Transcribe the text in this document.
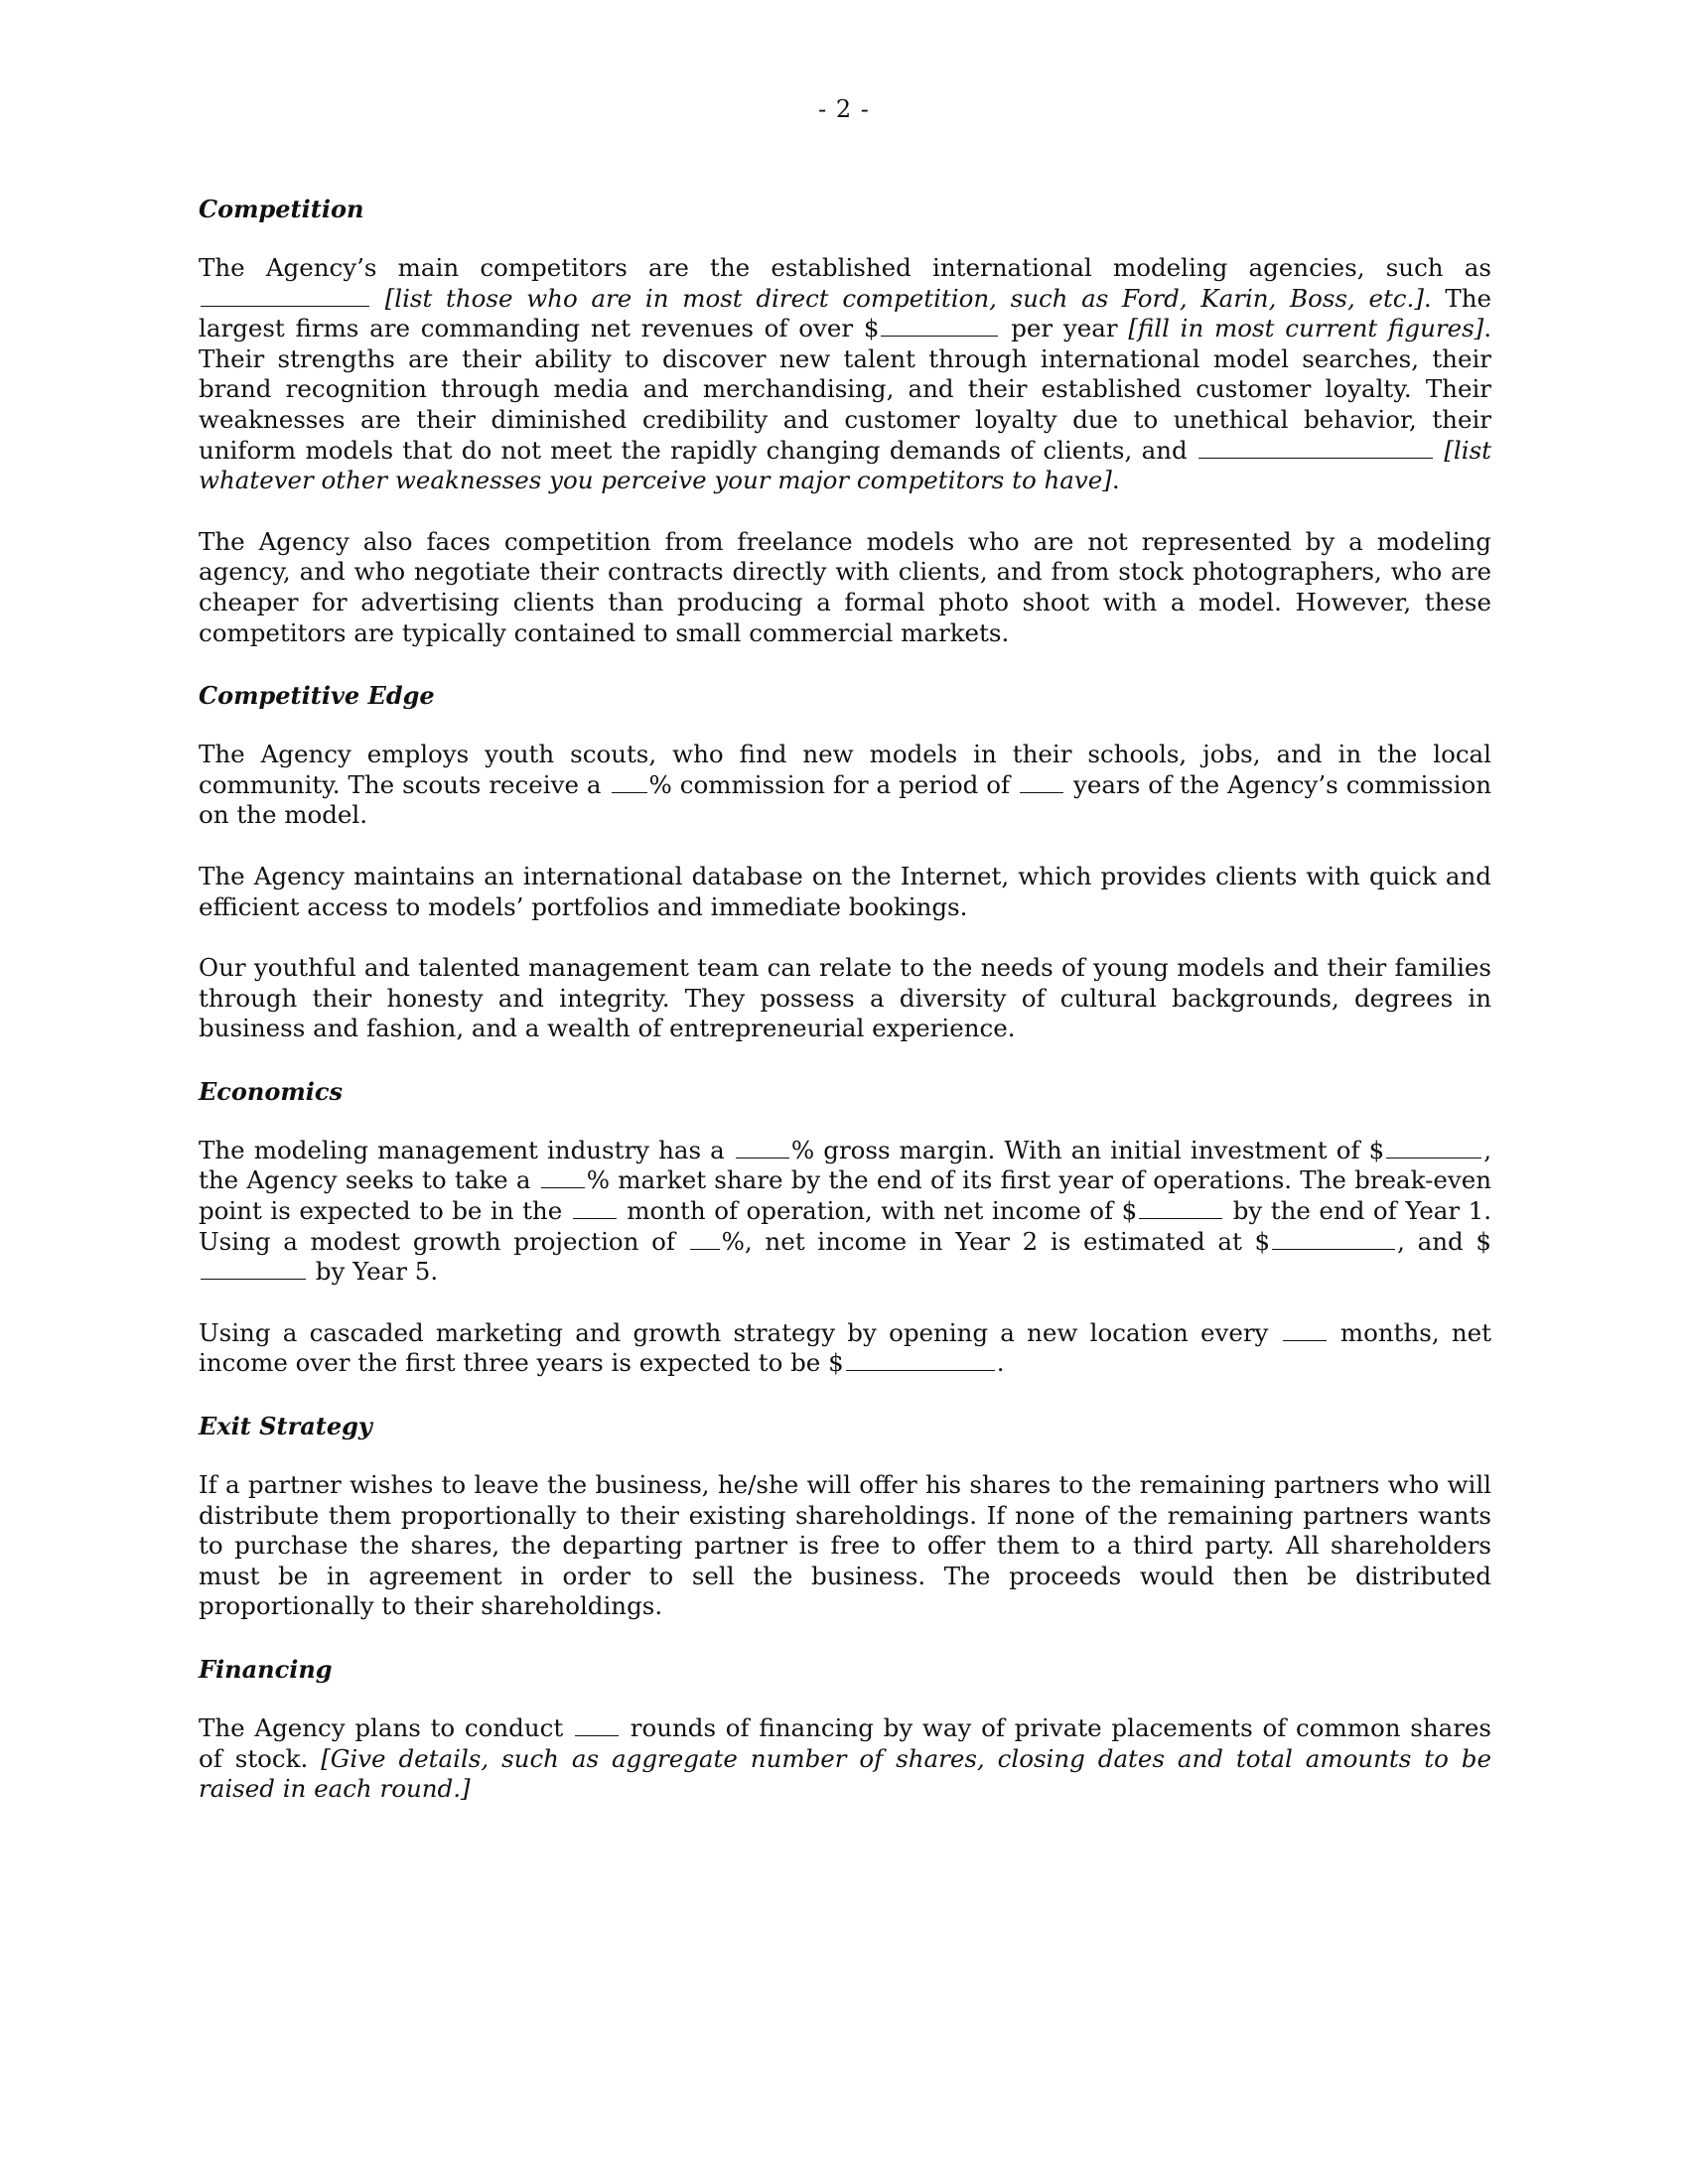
- 2 -
Competition

The Agency’s main competitors are the established international modeling agencies, such as  [list those who are in most direct competition, such as Ford, Karin, Boss, etc.]. The largest firms are commanding net revenues of over $	per year [fill in most current figures]. Their strengths are their ability to discover new talent through international model searches, their brand recognition through media and merchandising, and their established customer loyalty. Their weaknesses are their diminished credibility and customer loyalty due to unethical behavior, their uniform models that do not meet the rapidly changing demands of clients, and	[list whatever other weaknesses you perceive your major competitors to have].

The Agency also faces competition from freelance models who are not represented by a modeling agency, and who negotiate their contracts directly with clients, and from stock photographers, who are cheaper for advertising clients than producing a formal photo shoot with a model. However, these competitors are typically contained to small commercial markets.

Competitive Edge

The Agency employs youth scouts, who find new models in their schools, jobs, and in the local community. The scouts receive a % commission for a period of	years of the Agency’s commission on the model.

The Agency maintains an international database on the Internet, which provides clients with quick and efficient access to models’ portfolios and immediate bookings.

Our youthful and talented management team can relate to the needs of young models and their families through their honesty and integrity. They possess a diversity of cultural backgrounds, degrees in business and fashion, and a wealth of entrepreneurial experience.

Economics

The modeling management industry has a	% gross margin. With an initial investment of $	, the Agency seeks to take a % market share by the end of its first year of operations. The break-even point is expected to be in the	month of operation, with net income of $	by the end of Year 1. Using a modest growth projection of %, net income in Year 2 is estimated at $	, and $ by Year 5.

Using a cascaded marketing and growth strategy by opening a new location every	months, net income over the first three years is expected to be $	.

Exit Strategy

If a partner wishes to leave the business, he/she will offer his shares to the remaining partners who will distribute them proportionally to their existing shareholdings. If none of the remaining partners wants to purchase the shares, the departing partner is free to offer them to a third party. All shareholders must be in agreement in order to sell the business. The proceeds would then be distributed proportionally to their shareholdings.

Financing

The Agency plans to conduct	rounds of financing by way of private placements of common shares of stock. [Give details, such as aggregate number of shares, closing dates and total amounts to be raised in each round.]
